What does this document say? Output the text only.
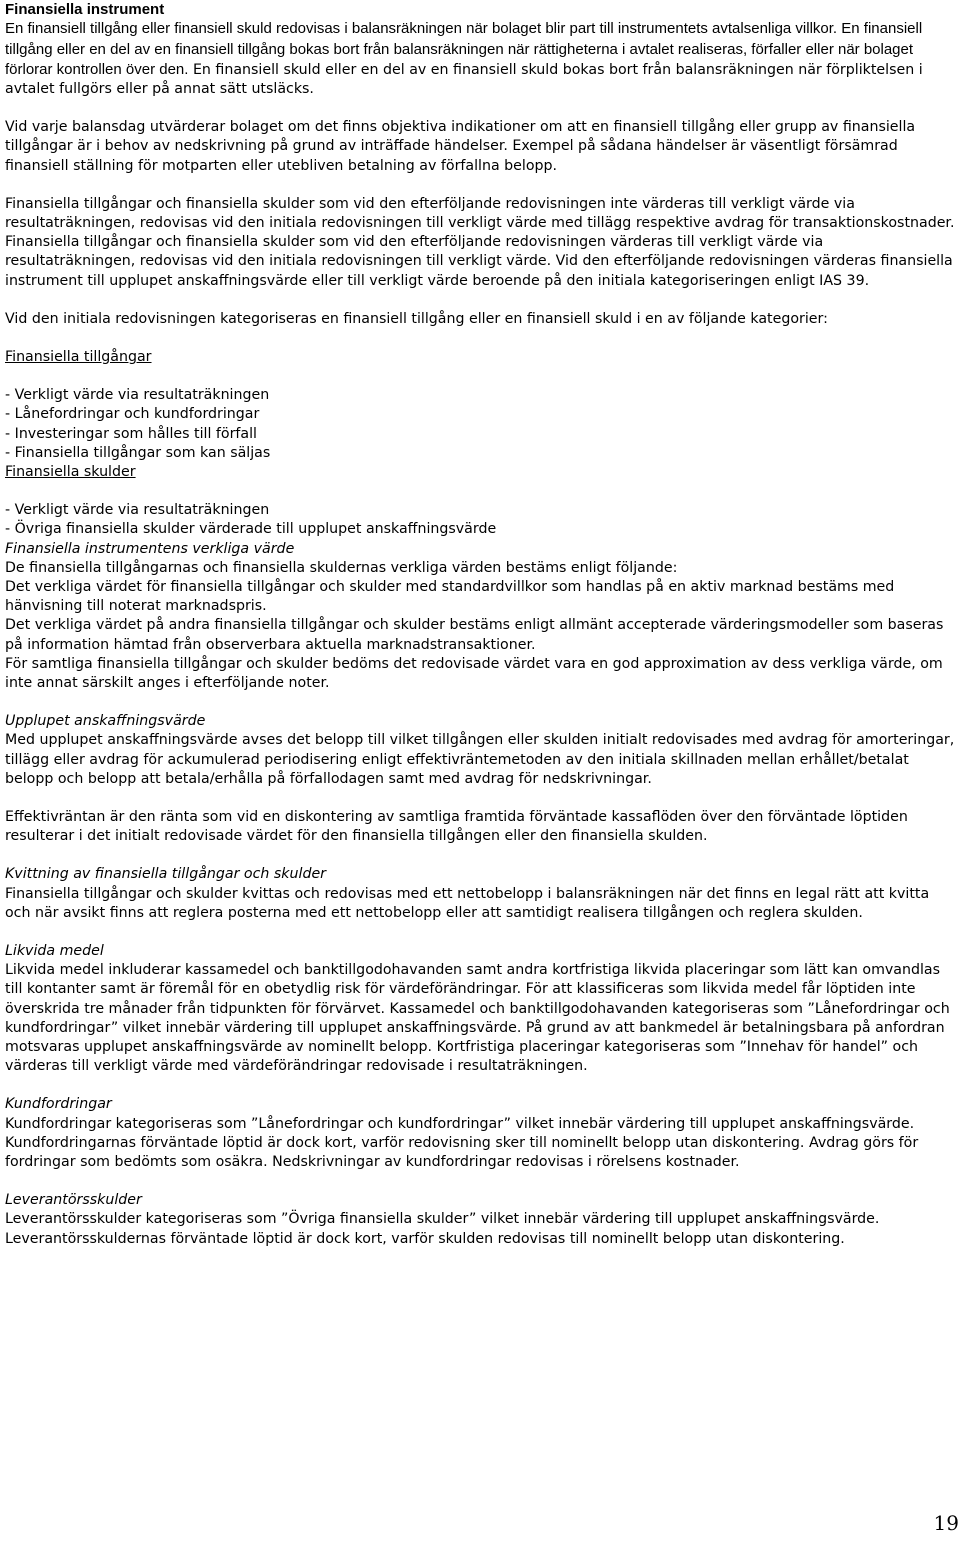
Finansiella instrument

En finansiell tillgång eller finansiell skuld redovisas i balansräkningen när bolaget blir part till instrumentets avtalsenliga villkor. En finansiell tillgång eller en del av en finansiell tillgång bokas bort från balansräkningen när rättigheterna i avtalet realiseras, förfaller eller när bolaget förlorar kontrollen över den. En finansiell skuld eller en del av en finansiell skuld bokas bort från balansräkningen när förpliktelsen i avtalet fullgörs eller på annat sätt utsläcks.

Vid varje balansdag utvärderar bolaget om det finns objektiva indikationer om att en finansiell tillgång eller grupp av finansiella tillgångar är i behov av nedskrivning på grund av inträffade händelser. Exempel på sådana händelser är väsentligt försämrad finansiell ställning för motparten eller utebliven betalning av förfallna belopp.

Finansiella tillgångar och finansiella skulder som vid den efterföljande redovisningen inte värderas till verkligt värde via resultaträkningen, redovisas vid den initiala redovisningen till verkligt värde med tillägg respektive avdrag för transaktionskostnader. Finansiella tillgångar och finansiella skulder som vid den efterföljande redovisningen värderas till verkligt värde via resultaträkningen, redovisas vid den initiala redovisningen till verkligt värde. Vid den efterföljande redovisningen värderas finansiella instrument till upplupet anskaffningsvärde eller till verkligt värde beroende på den initiala kategoriseringen enligt IAS 39.

Vid den initiala redovisningen kategoriseras en finansiell tillgång eller en finansiell skuld i en av följande kategorier:

Finansiella tillgångar

- Verkligt värde via resultaträkningen
- Lånefordringar och kundfordringar
- Investeringar som hålles till förfall
- Finansiella tillgångar som kan säljas

Finansiella skulder

- Verkligt värde via resultaträkningen
- Övriga finansiella skulder värderade till upplupet anskaffningsvärde

Finansiella instrumentens verkliga värde

De finansiella tillgångarnas och finansiella skuldernas verkliga värden bestäms enligt följande:

Det verkliga värdet för finansiella tillgångar och skulder med standardvillkor som handlas på en aktiv marknad bestäms med hänvisning till noterat marknadspris.

Det verkliga värdet på andra finansiella tillgångar och skulder bestäms enligt allmänt accepterade värderingsmodeller som baseras på information hämtad från observerbara aktuella marknadstransaktioner.

För samtliga finansiella tillgångar och skulder bedöms det redovisade värdet vara en god approximation av dess verkliga värde, om inte annat särskilt anges i efterföljande noter.

Upplupet anskaffningsvärde

Med upplupet anskaffningsvärde avses det belopp till vilket tillgången eller skulden initialt redovisades med avdrag för amorteringar, tillägg eller avdrag för ackumulerad periodisering enligt effektivräntemetoden av den initiala skillnaden mellan erhållet/betalat belopp och belopp att betala/erhålla på förfallodagen samt med avdrag för nedskrivningar.

Effektivräntan är den ränta som vid en diskontering av samtliga framtida förväntade kassaflöden över den förväntade löptiden resulterar i det initialt redovisade värdet för den finansiella tillgången eller den finansiella skulden.

Kvittning av finansiella tillgångar och skulder

Finansiella tillgångar och skulder kvittas och redovisas med ett nettobelopp i balansräkningen när det finns en legal rätt att kvitta och när avsikt finns att reglera posterna med ett nettobelopp eller att samtidigt realisera tillgången och reglera skulden.

Likvida medel

Likvida medel inkluderar kassamedel och banktillgodohavanden samt andra kortfristiga likvida placeringar som lätt kan omvandlas till kontanter samt är föremål för en obetydlig risk för värdeförändringar. För att klassificeras som likvida medel får löptiden inte överskrida tre månader från tidpunkten för förvärvet. Kassamedel och banktillgodohavanden kategoriseras som ”Lånefordringar och kundfordringar” vilket innebär värdering till upplupet anskaffningsvärde. På grund av att bankmedel är betalningsbara på anfordran motsvaras upplupet anskaffningsvärde av nominellt belopp. Kortfristiga placeringar kategoriseras som ”Innehav för handel” och värderas till verkligt värde med värdeförändringar redovisade i resultaträkningen.

Kundfordringar

Kundfordringar kategoriseras som ”Lånefordringar och kundfordringar” vilket innebär värdering till upplupet anskaffningsvärde. Kundfordringarnas förväntade löptid är dock kort, varför redovisning sker till nominellt belopp utan diskontering. Avdrag görs för fordringar som bedömts som osäkra. Nedskrivningar av kundfordringar redovisas i rörelsens kostnader.

Leverantörsskulder

Leverantörsskulder kategoriseras som ”Övriga finansiella skulder” vilket innebär värdering till upplupet anskaffningsvärde. Leverantörsskuldernas förväntade löptid är dock kort, varför skulden redovisas till nominellt belopp utan diskontering.

19
